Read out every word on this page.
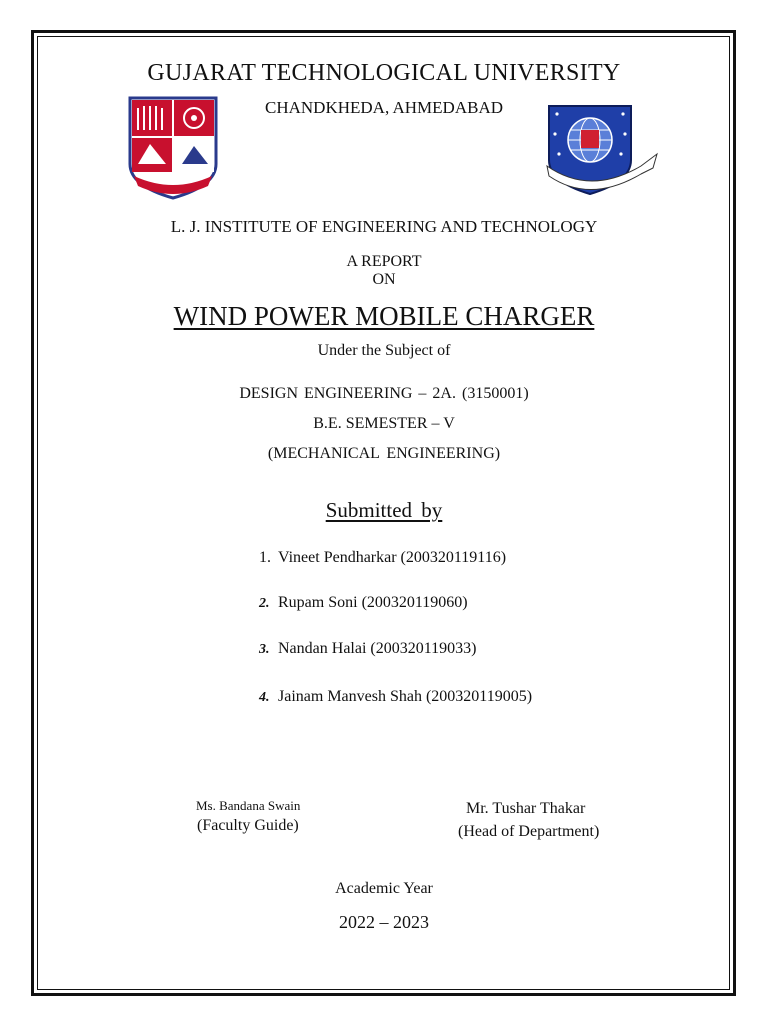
GUJARAT TECHNOLOGICAL UNIVERSITY

CHANDKHEDA, AHMEDABAD

L. J. INSTITUTE OF ENGINEERING AND TECHNOLOGY

A REPORT

ON

WIND POWER MOBILE CHARGER

Under the Subject of

DESIGN ENGINEERING – 2A. (3150001)

B.E. SEMESTER – V

(MECHANICAL ENGINEERING)

Submitted by

1. Vineet Pendharkar (200320119116)

2. Rupam Soni (200320119060)

3. Nandan Halai (200320119033)

4. Jainam Manvesh Shah (200320119005)

Ms. Bandana Swain

(Faculty Guide)

Mr. Tushar Thakar

(Head of Department)

Academic Year

2022 – 2023
